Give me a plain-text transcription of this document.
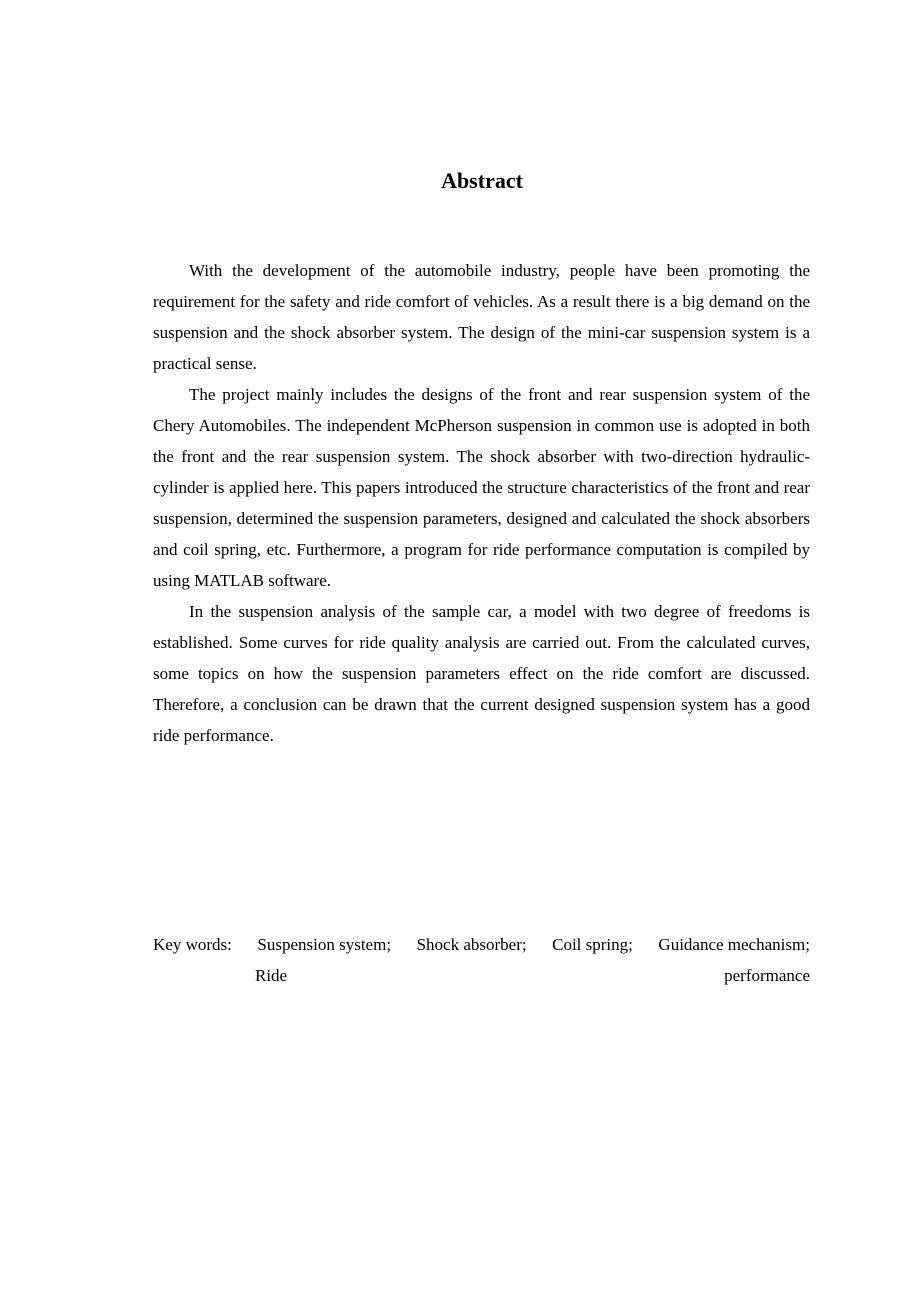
Abstract

With the development of the automobile industry, people have been promoting the requirement for the safety and ride comfort of vehicles. As a result there is a big demand on the suspension and the shock absorber system. The design of the mini-car suspension system is a practical sense.

The project mainly includes the designs of the front and rear suspension system of the Chery Automobiles. The independent McPherson suspension in common use is adopted in both the front and the rear suspension system. The shock absorber with two-direction hydraulic-cylinder is applied here. This papers introduced the structure characteristics of the front and rear suspension, determined the suspension parameters, designed and calculated the shock absorbers and coil spring, etc. Furthermore, a program for ride performance computation is compiled by using MATLAB software.

In the suspension analysis of the sample car, a model with two degree of freedoms is established. Some curves for ride quality analysis are carried out. From the calculated curves, some topics on how the suspension parameters effect on the ride comfort are discussed. Therefore, a conclusion can be drawn that the current designed suspension system has a good ride performance.

Key words: Suspension system; Shock absorber; Coil spring; Guidance mechanism;
Ride	performance
